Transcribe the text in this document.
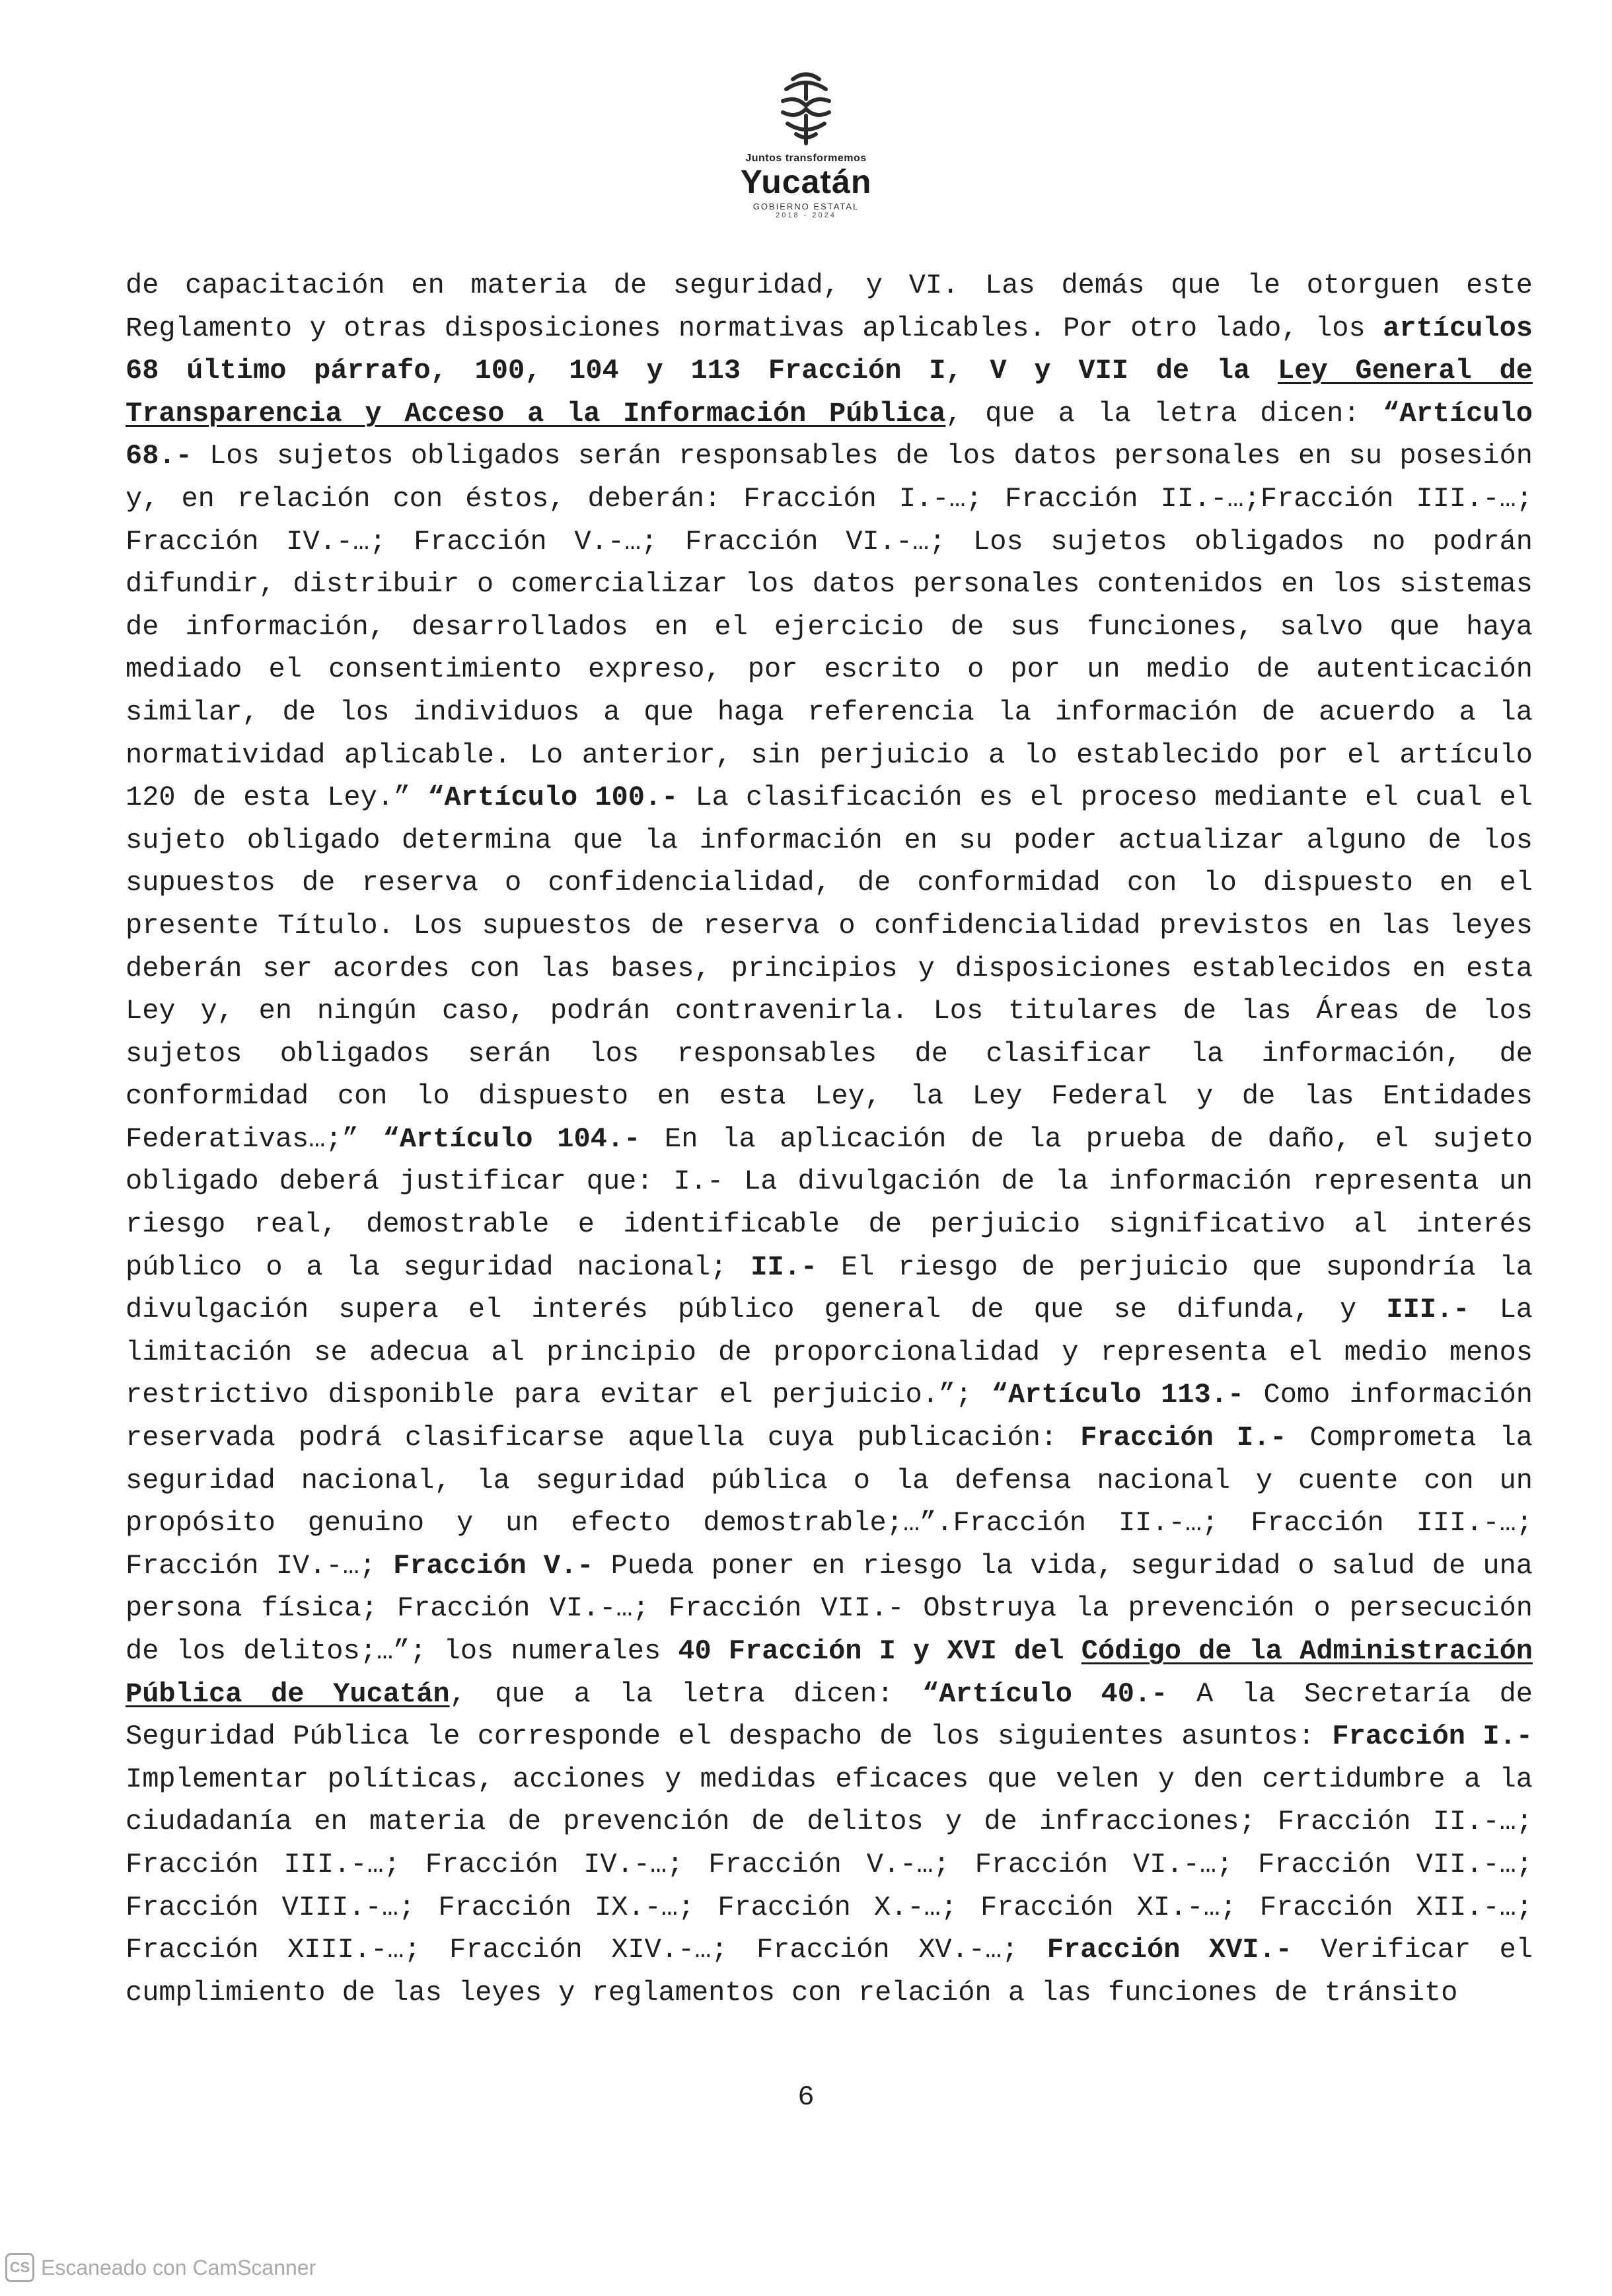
Juntos transformemos
Yucatán
GOBIERNO ESTATAL
2018 - 2024

de capacitación en materia de seguridad, y VI. Las demás que le otorguen este Reglamento y otras disposiciones normativas aplicables. Por otro lado, los artículos 68 último párrafo, 100, 104 y 113 Fracción I, V y VII de la Ley General de Transparencia y Acceso a la Información Pública, que a la letra dicen: “Artículo 68.- Los sujetos obligados serán responsables de los datos personales en su posesión y, en relación con éstos, deberán: Fracción I.-…; Fracción II.-…;Fracción III.-…; Fracción IV.-…; Fracción V.-…; Fracción VI.-…; Los sujetos obligados no podrán difundir, distribuir o comercializar los datos personales contenidos en los sistemas de información, desarrollados en el ejercicio de sus funciones, salvo que haya mediado el consentimiento expreso, por escrito o por un medio de autenticación similar, de los individuos a que haga referencia la información de acuerdo a la normatividad aplicable. Lo anterior, sin perjuicio a lo establecido por el artículo 120 de esta Ley.” “Artículo 100.- La clasificación es el proceso mediante el cual el sujeto obligado determina que la información en su poder actualizar alguno de los supuestos de reserva o confidencialidad, de conformidad con lo dispuesto en el presente Título. Los supuestos de reserva o confidencialidad previstos en las leyes deberán ser acordes con las bases, principios y disposiciones establecidos en esta Ley y, en ningún caso, podrán contravenirla. Los titulares de las Áreas de los sujetos obligados serán los responsables de clasificar la información, de conformidad con lo dispuesto en esta Ley, la Ley Federal y de las Entidades Federativas…;” “Artículo 104.- En la aplicación de la prueba de daño, el sujeto obligado deberá justificar que: I.- La divulgación de la información representa un riesgo real, demostrable e identificable de perjuicio significativo al interés público o a la seguridad nacional; II.- El riesgo de perjuicio que supondría la divulgación supera el interés público general de que se difunda, y III.- La limitación se adecua al principio de proporcionalidad y representa el medio menos restrictivo disponible para evitar el perjuicio.”; “Artículo 113.- Como información reservada podrá clasificarse aquella cuya publicación: Fracción I.- Comprometa la seguridad nacional, la seguridad pública o la defensa nacional y cuente con un propósito genuino y un efecto demostrable;…”.Fracción II.-…; Fracción III.-…; Fracción IV.-…; Fracción V.- Pueda poner en riesgo la vida, seguridad o salud de una persona física; Fracción VI.-…; Fracción VII.- Obstruya la prevención o persecución de los delitos;…”; los numerales 40 Fracción I y XVI del Código de la Administración Pública de Yucatán, que a la letra dicen: “Artículo 40.- A la Secretaría de Seguridad Pública le corresponde el despacho de los siguientes asuntos: Fracción I.- Implementar políticas, acciones y medidas eficaces que velen y den certidumbre a la ciudadanía en materia de prevención de delitos y de infracciones; Fracción II.-…; Fracción III.-…; Fracción IV.-…; Fracción V.-…; Fracción VI.-…; Fracción VII.-…; Fracción VIII.-…; Fracción IX.-…; Fracción X.-…; Fracción XI.-…; Fracción XII.-…; Fracción XIII.-…; Fracción XIV.-…; Fracción XV.-…; Fracción XVI.- Verificar el cumplimiento de las leyes y reglamentos con relación a las funciones de tránsito

6
CS Escaneado con CamScanner
